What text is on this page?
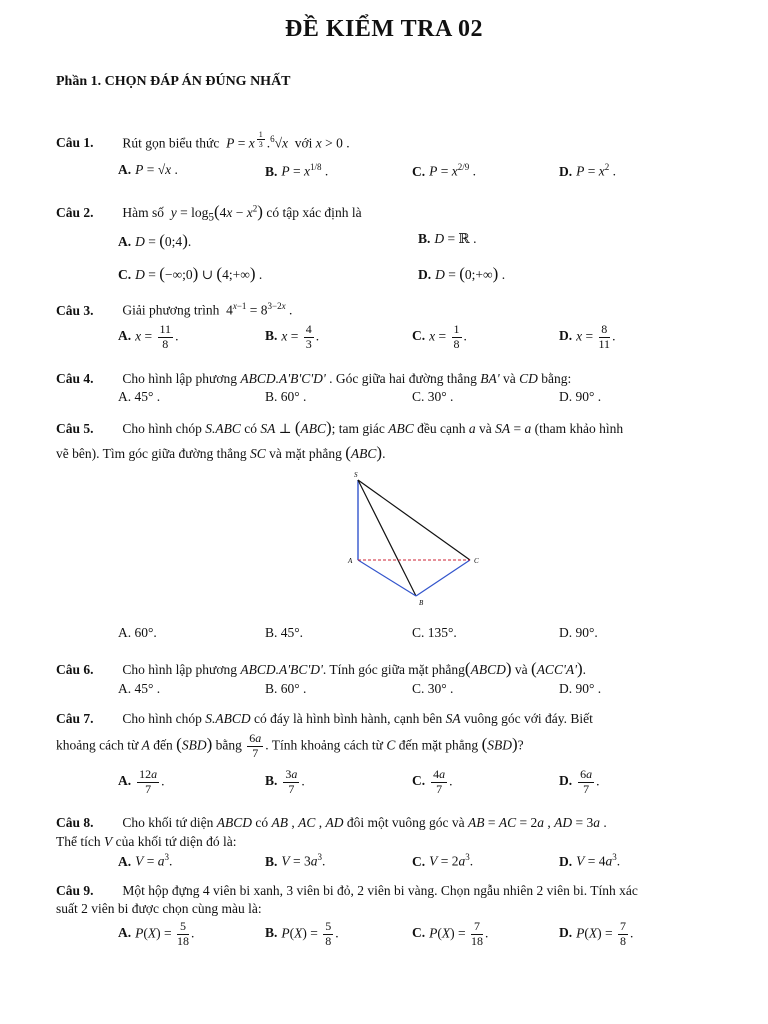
ĐỀ KIỂM TRA 02
Phần 1. CHỌN ĐÁP ÁN ĐÚNG NHẤT
Câu 1. Rút gọn biểu thức P = x $^{\frac{1}{3}}$ .$^6$√x với x > 0 .
A. P = √x .	B. $P = x^{1/8}$ .	C. $P = x^{2/9}$ .	D. $P = x^2$ .
Câu 2. Hàm số $y = \log_5(4x - x^2)$ có tập xác định là
A. D = (0;4).	B. D = ℝ .
C. D = (−∞;0) ∪ (4;+∞) .	D. D = (0;+∞) .
Câu 3. Giải phương trình  $4^{x-1} = 8^{3-2x}$ .
A. $x = \frac{11}{8}$ .	B. $x = \frac{4}{3}$ .	C. $x = \frac{1}{8}$ .	D. $x = \frac{8}{11}$ .
Câu 4. Cho hình lập phương ABCD.A'B'C'D' . Góc giữa hai đường thẳng BA' và CD bằng:
A. 45° .	B. 60° .	C. 30° .	D. 90° .
Câu 5. Cho hình chóp S.ABC có SA ⊥ (ABC); tam giác ABC đều cạnh a và SA = a (tham khảo hình
vẽ bên). Tìm góc giữa đường thẳng SC và mặt phẳng (ABC).
S
A
B
C
A. 60°.	B. 45°.	C. 135°.	D. 90°.
Câu 6. Cho hình lập phương ABCD.A'BC'D'. Tính góc giữa mặt phẳng(ABCD) và (ACC'A').
A. 45° .	B. 60° .	C. 30° .	D. 90° .
Câu 7. Cho hình chóp S.ABCD có đáy là hình bình hành, cạnh bên SA vuông góc với đáy. Biết
khoảng cách từ A đến (SBD) bằng $\frac{6a}{7}$ . Tính khoảng cách từ C đến mặt phẳng (SBD)?
A. $\frac{12a}{7}$ .	B. $\frac{3a}{7}$ .	C. $\frac{4a}{7}$ .	D. $\frac{6a}{7}$ .
Câu 8. Cho khối tứ diện ABCD có AB , AC , AD đôi một vuông góc và AB = AC = 2a , AD = 3a .
Thể tích V của khối tứ diện đó là:
A. $V = a^3$.	B. $V = 3a^3$.	C. $V = 2a^3$.	D. $V = 4a^3$.
Câu 9. Một hộp đựng 4 viên bi xanh, 3 viên bi đỏ, 2 viên bi vàng. Chọn ngẫu nhiên 2 viên bi. Tính xác
suất 2 viên bi được chọn cùng màu là:
A. $P(X) = \frac{5}{18}$ .	B. $P(X) = \frac{5}{8}$ .	C. $P(X) = \frac{7}{18}$ .	D. $P(X) = \frac{7}{8}$ .
